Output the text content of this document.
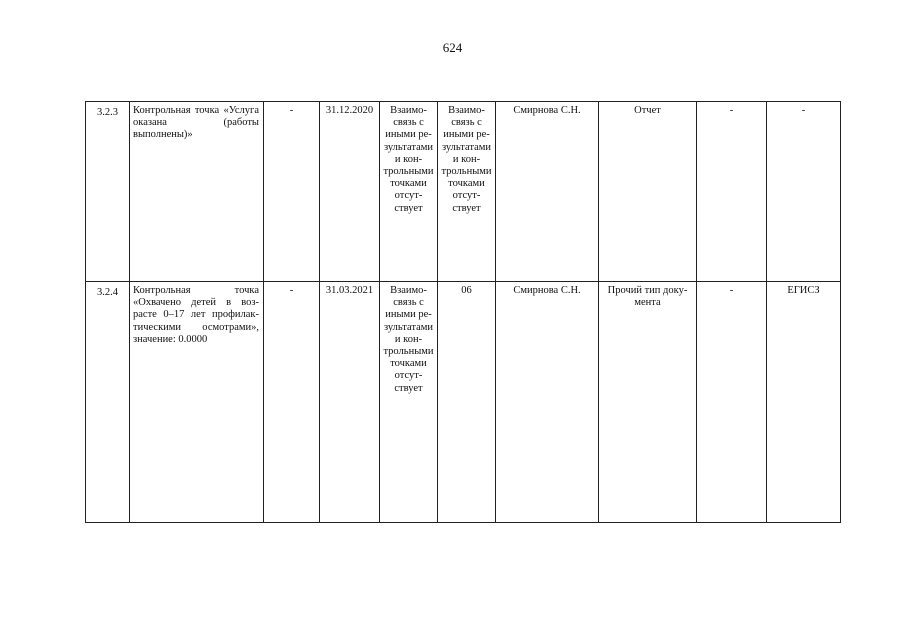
624
3.2.3	Контрольная точка «Услуга оказана (работы выполнены)»	-	31.12.2020	Взаимо-связь с иными ре-зультатами и кон-трольными точками отсут-ствует	Взаимо-связь с иными ре-зультатами и кон-трольными точками отсут-ствует	Смирнова С.Н.	Отчет	-	-
3.2.4	Контрольная точка «Охвачено детей в воз-расте 0–17 лет профилак-тическими осмотрами», значение: 0.0000	-	31.03.2021	Взаимо-связь с иными ре-зультатами и кон-трольными точками отсут-ствует	06	Смирнова С.Н.	Прочий тип доку-мента	-	ЕГИСЗ
